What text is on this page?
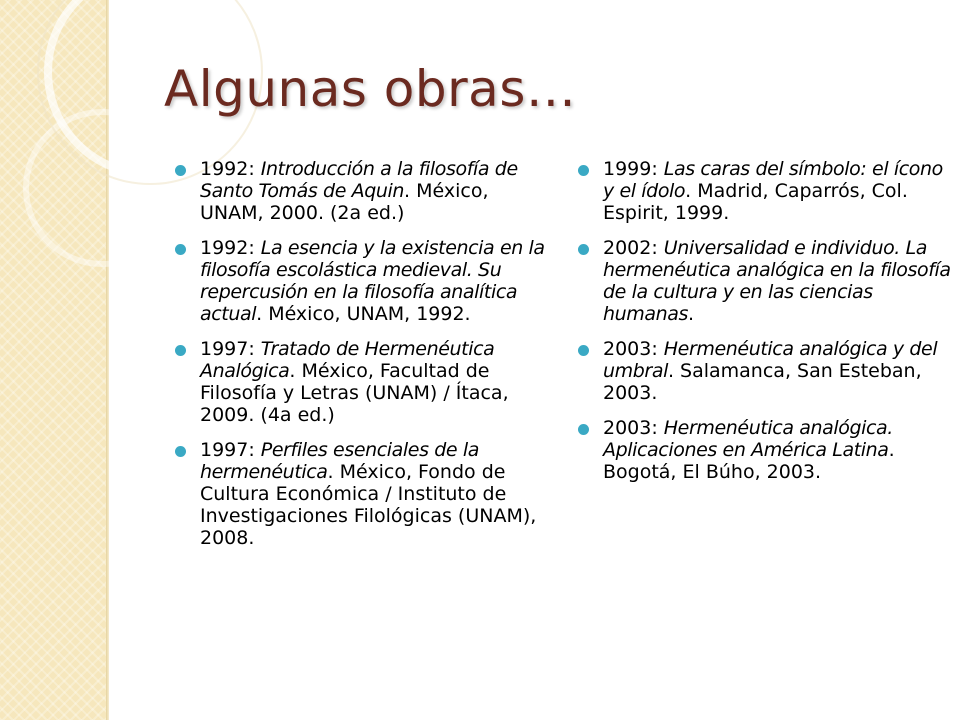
Algunas obras…
1992: Introducción a la filosofía de Santo Tomás de Aquin. México, UNAM, 2000. (2a ed.)
1992: La esencia y la existencia en la filosofía escolástica medieval. Su repercusión en la filosofía analítica actual. México, UNAM, 1992.
1997: Tratado de Hermenéutica Analógica. México, Facultad de Filosofía y Letras (UNAM) / Ítaca, 2009. (4a ed.)
1997: Perfiles esenciales de la hermenéutica. México, Fondo de Cultura Económica / Instituto de Investigaciones Filológicas (UNAM), 2008.
1999: Las caras del símbolo: el ícono y el ídolo. Madrid, Caparrós, Col. Espirit, 1999.
2002: Universalidad e individuo. La hermenéutica analógica en la filosofía de la cultura y en las ciencias humanas.
2003: Hermenéutica analógica y del umbral. Salamanca, San Esteban, 2003.
2003: Hermenéutica analógica. Aplicaciones en América Latina. Bogotá, El Búho, 2003.
